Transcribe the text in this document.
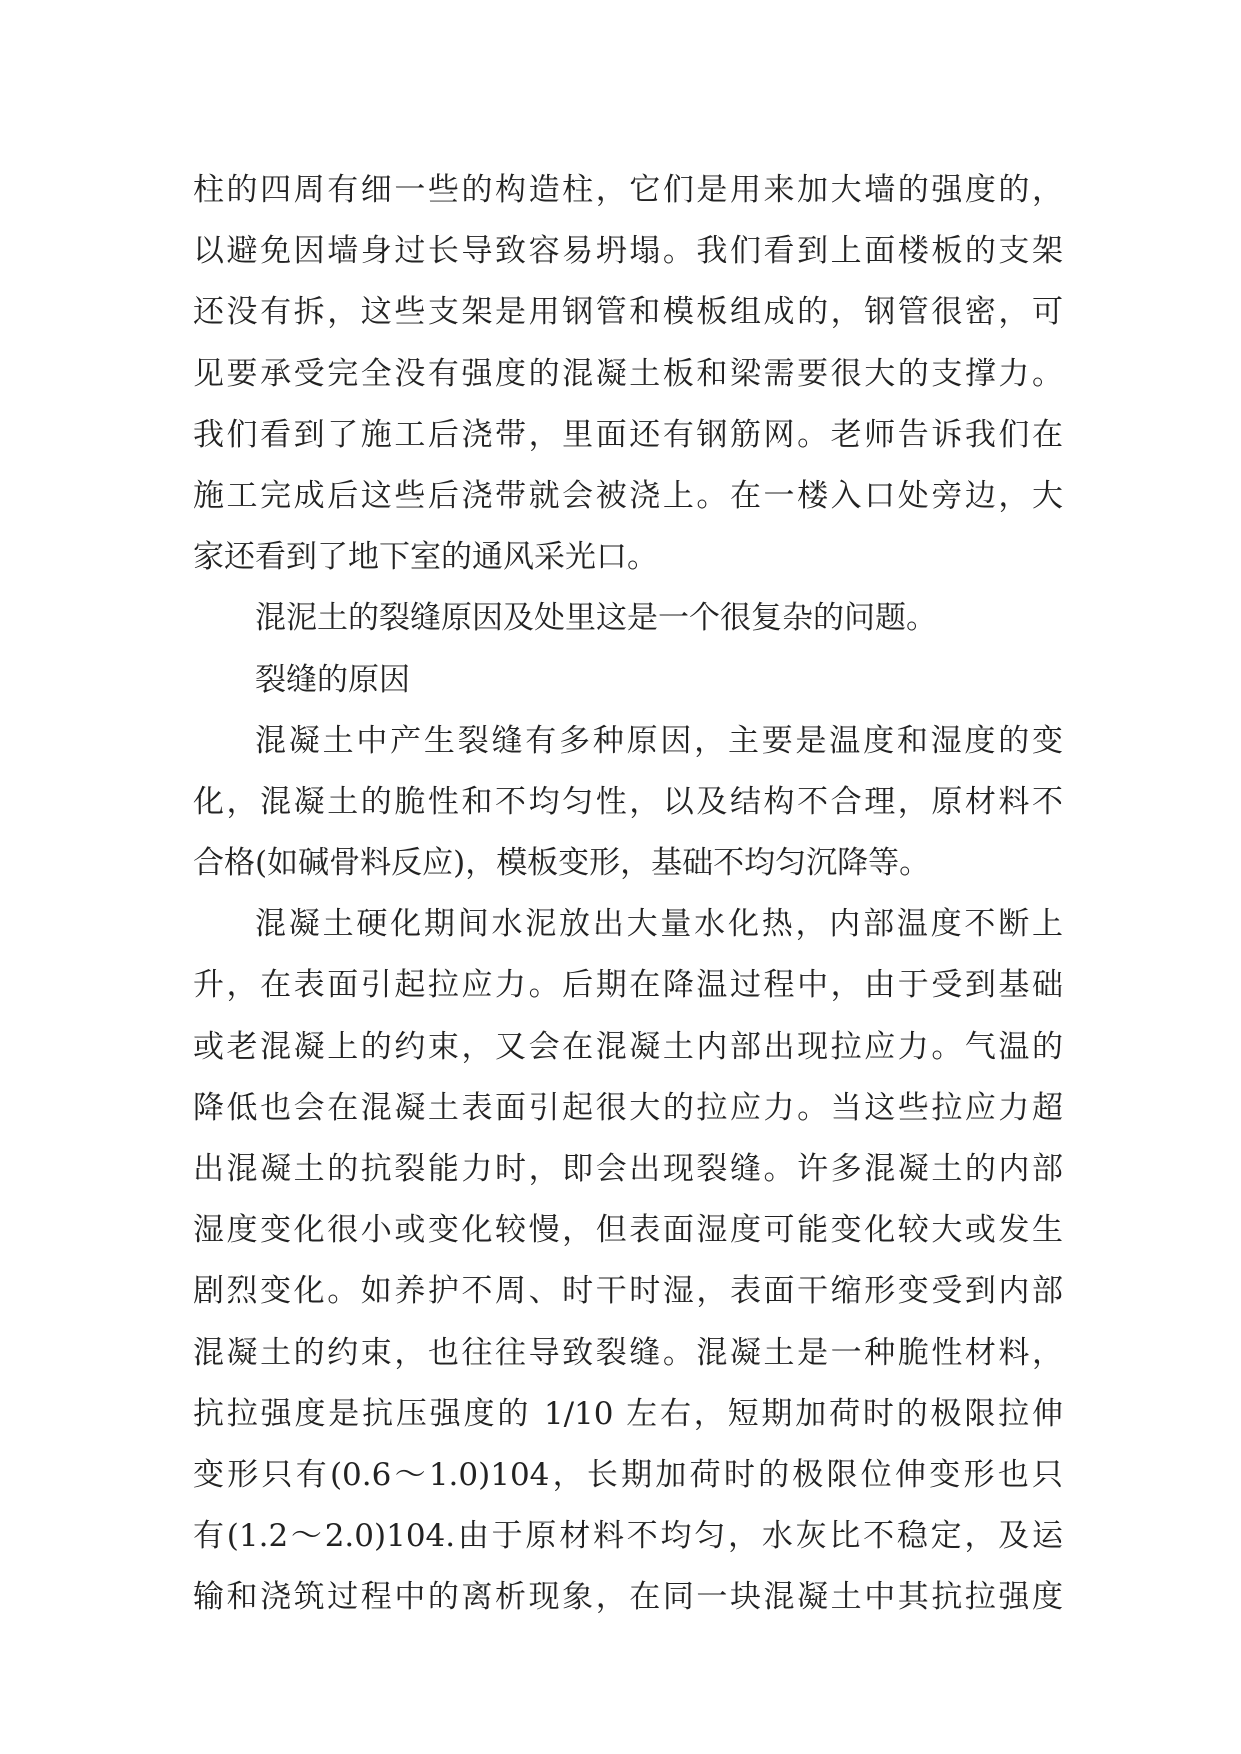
柱的四周有细一些的构造柱，它们是用来加大墙的强度的，
以避免因墙身过长导致容易坍塌。我们看到上面楼板的支架
还没有拆，这些支架是用钢管和模板组成的，钢管很密，可
见要承受完全没有强度的混凝土板和梁需要很大的支撑力。
我们看到了施工后浇带，里面还有钢筋网。老师告诉我们在
施工完成后这些后浇带就会被浇上。在一楼入口处旁边，大
家还看到了地下室的通风采光口。
混泥土的裂缝原因及处里这是一个很复杂的问题。
裂缝的原因
混凝土中产生裂缝有多种原因，主要是温度和湿度的变
化，混凝土的脆性和不均匀性，以及结构不合理，原材料不
合格(如碱骨料反应)，模板变形，基础不均匀沉降等。
混凝土硬化期间水泥放出大量水化热，内部温度不断上
升，在表面引起拉应力。后期在降温过程中，由于受到基础
或老混凝上的约束，又会在混凝土内部出现拉应力。气温的
降低也会在混凝土表面引起很大的拉应力。当这些拉应力超
出混凝土的抗裂能力时，即会出现裂缝。许多混凝土的内部
湿度变化很小或变化较慢，但表面湿度可能变化较大或发生
剧烈变化。如养护不周、时干时湿，表面干缩形变受到内部
混凝土的约束，也往往导致裂缝。混凝土是一种脆性材料，
抗拉强度是抗压强度的 1/10 左右，短期加荷时的极限拉伸
变形只有(0.6～1.0)104，长期加荷时的极限位伸变形也只
有(1.2～2.0)104.由于原材料不均匀，水灰比不稳定，及运
输和浇筑过程中的离析现象，在同一块混凝土中其抗拉强度
